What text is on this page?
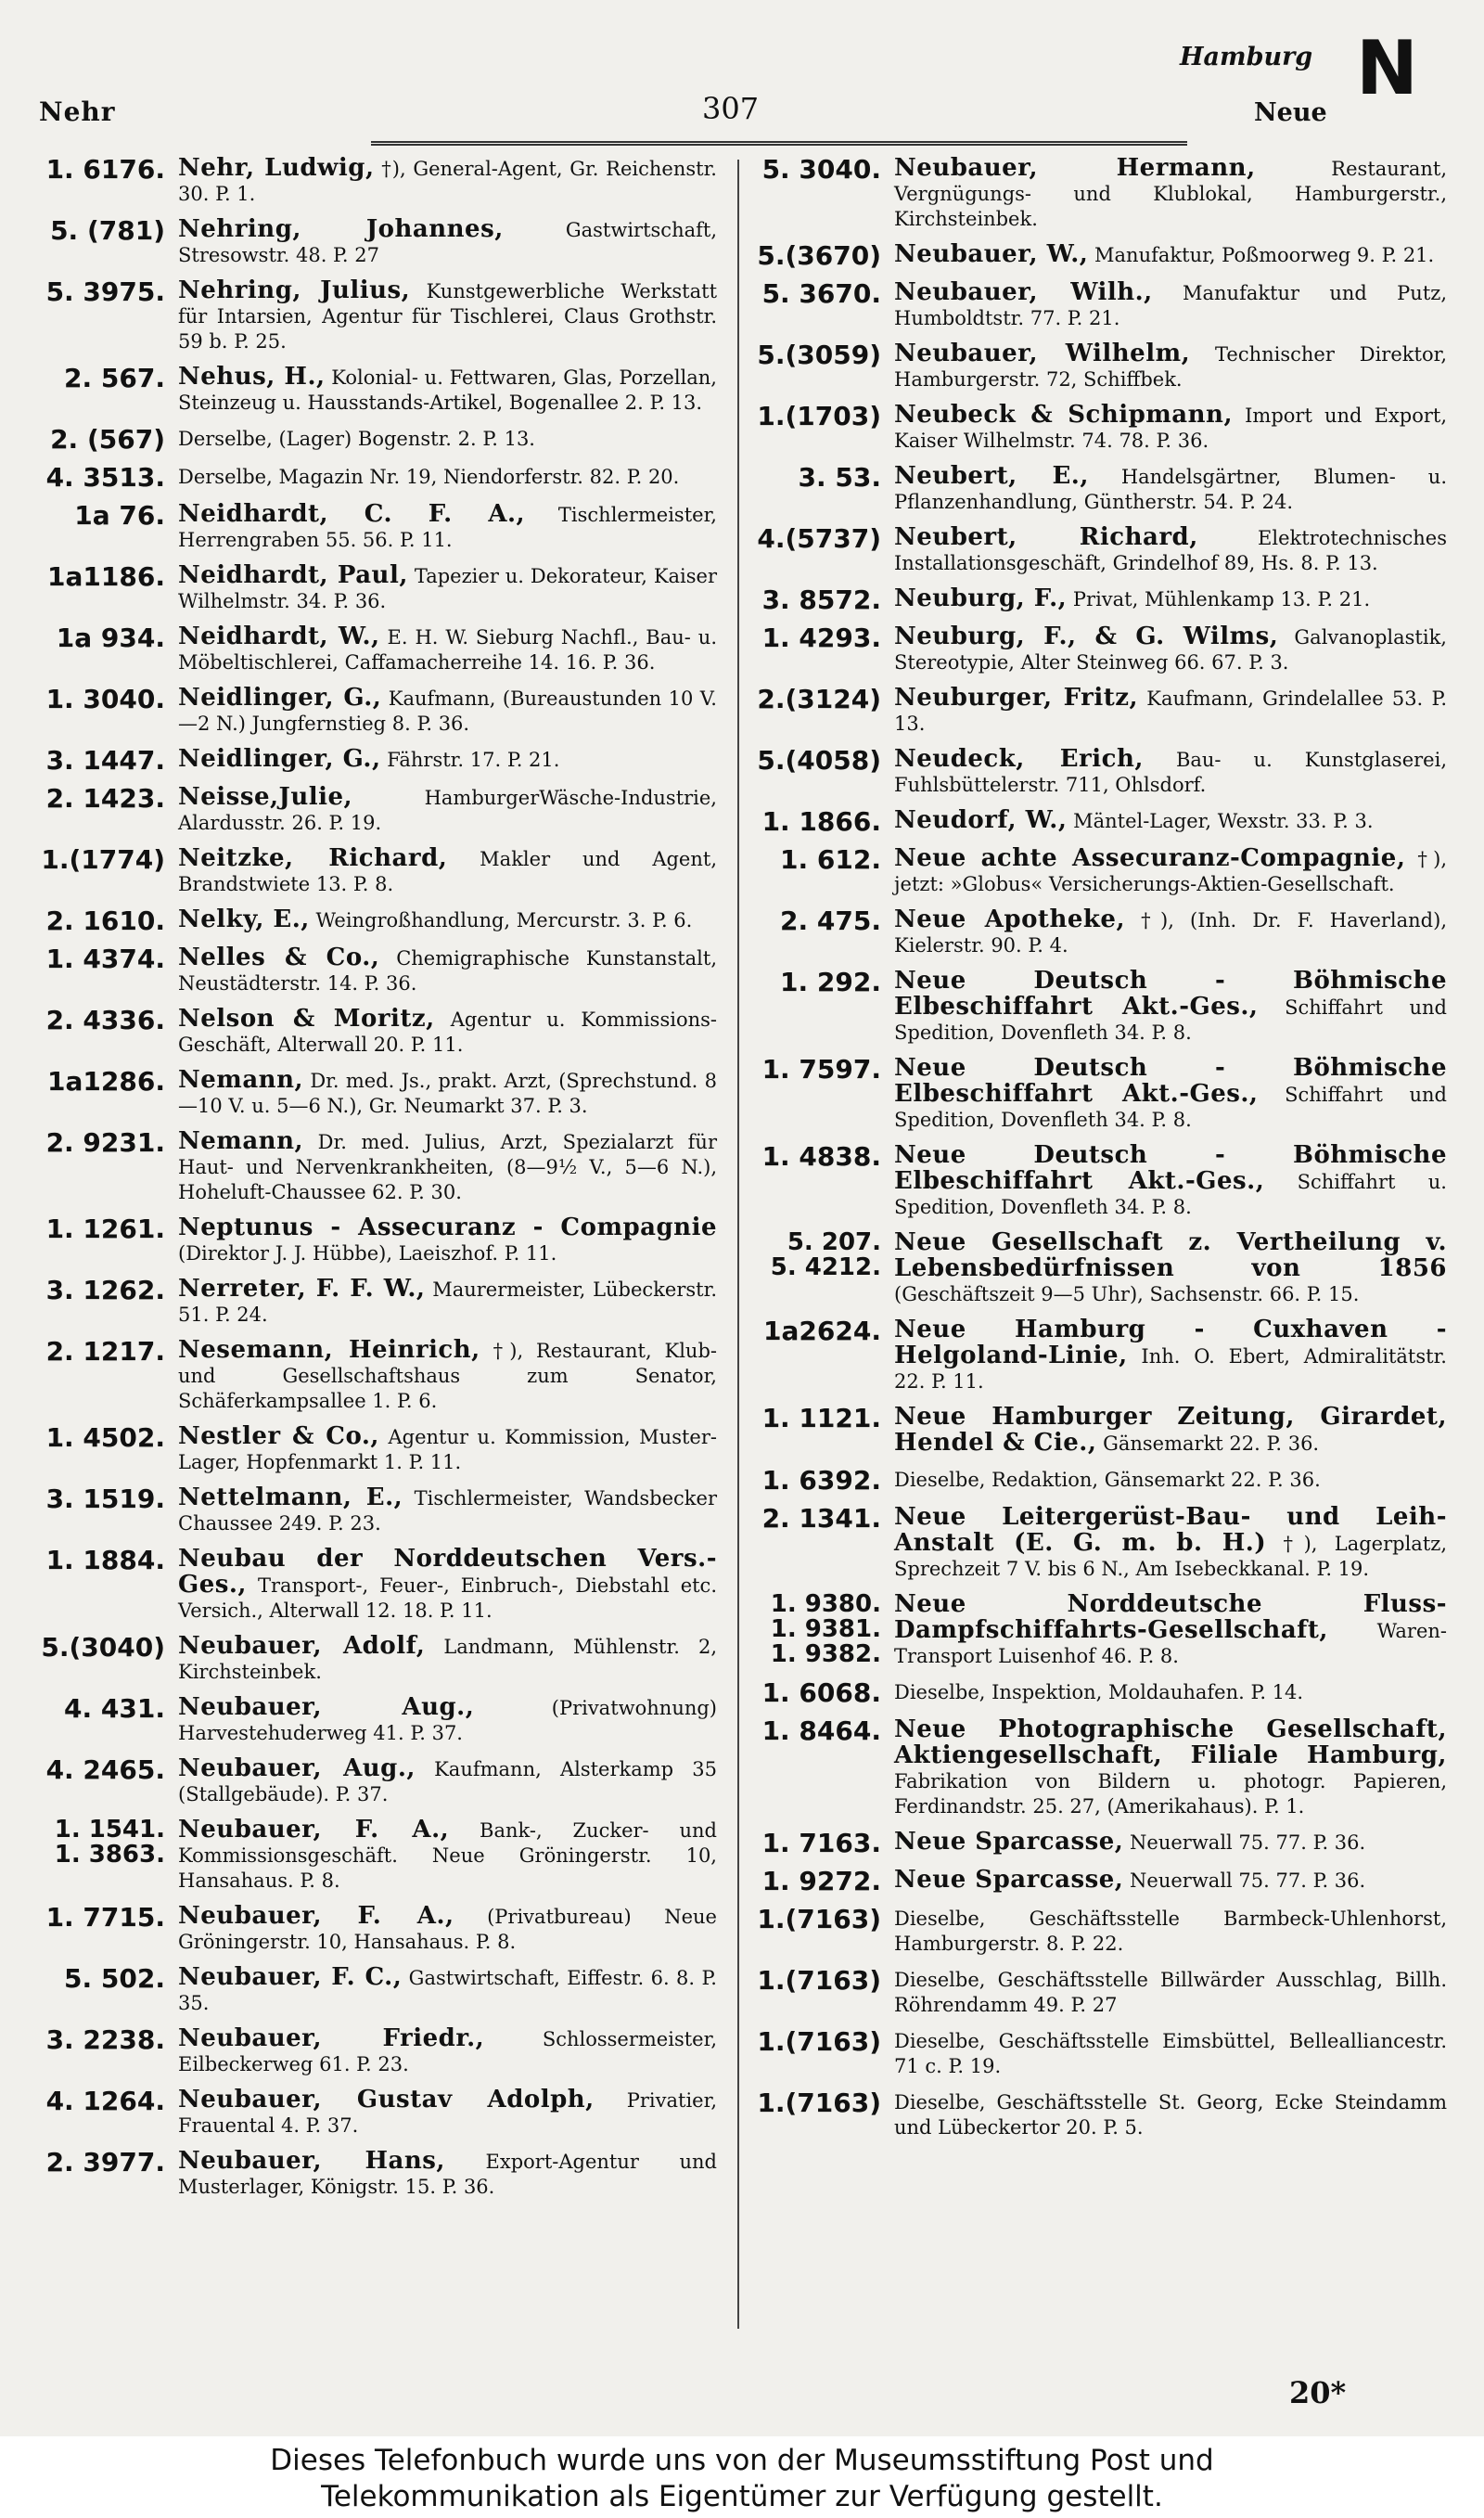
Nehr	307
Hamburg
Neue
N
1. 6176. Nehr, Ludwig, †), General-Agent, Gr. Reichenstr. 30. P. 1.
5. (781) Nehring, Johannes, Gastwirtschaft, Stresowstr. 48. P. 27
5. 3975. Nehring, Julius, Kunstgewerbliche Werkstatt für Intarsien, Agentur für Tischlerei, Claus Grothstr. 59 b. P. 25.
2. 567. Nehus, H., Kolonial- u. Fettwaren, Glas, Porzellan, Steinzeug u. Hausstands-Artikel, Bogenallee 2. P. 13.
2. (567) Derselbe, (Lager) Bogenstr. 2. P. 13.
4. 3513. Derselbe, Magazin Nr. 19, Niendorferstr. 82. P. 20.
1a 76. Neidhardt, C. F. A., Tischlermeister, Herrengraben 55. 56. P. 11.
1a1186. Neidhardt, Paul, Tapezier u. Dekorateur, Kaiser Wilhelmstr. 34. P. 36.
1a 934. Neidhardt, W., E. H. W. Sieburg Nachfl., Bau- u. Möbeltischlerei, Caffamacherreihe 14. 16. P. 36.
1. 3040. Neidlinger, G., Kaufmann, (Bureaustunden 10 V.—2 N.) Jungfernstieg 8. P. 36.
3. 1447. Neidlinger, G., Fährstr. 17. P. 21.
2. 1423. Neisse,Julie, HamburgerWäsche-Industrie, Alardusstr. 26. P. 19.
1.(1774) Neitzke, Richard, Makler und Agent, Brandstwiete 13. P. 8.
2. 1610. Nelky, E., Weingroßhandlung, Mercurstr. 3. P. 6.
1. 4374. Nelles & Co., Chemigraphische Kunstanstalt, Neustädterstr. 14. P. 36.
2. 4336. Nelson & Moritz, Agentur u. Kommissions-Geschäft, Alterwall 20. P. 11.
1a1286. Nemann, Dr. med. Js., prakt. Arzt, (Sprechstund. 8—10 V. u. 5—6 N.), Gr. Neumarkt 37. P. 3.
2. 9231. Nemann, Dr. med. Julius, Arzt, Spezialarzt für Haut- und Nervenkrankheiten, (8—9½ V., 5—6 N.), Hoheluft-Chaussee 62. P. 30.
1. 1261. Neptunus - Assecuranz - Compagnie (Direktor J. J. Hübbe), Laeiszhof. P. 11.
3. 1262. Nerreter, F. F. W., Maurermeister, Lübeckerstr. 51. P. 24.
2. 1217. Nesemann, Heinrich, †), Restaurant, Klub- und Gesellschaftshaus zum Senator, Schäferkampsallee 1. P. 6.
1. 4502. Nestler & Co., Agentur u. Kommission, Muster-Lager, Hopfenmarkt 1. P. 11.
3. 1519. Nettelmann, E., Tischlermeister, Wandsbecker Chaussee 249. P. 23.
1. 1884. Neubau der Norddeutschen Vers.-Ges., Transport-, Feuer-, Einbruch-, Diebstahl etc. Versich., Alterwall 12. 18. P. 11.
5.(3040) Neubauer, Adolf, Landmann, Mühlenstr. 2, Kirchsteinbek.
4. 431. Neubauer, Aug., (Privatwohnung) Harvestehuderweg 41. P. 37.
4. 2465. Neubauer, Aug., Kaufmann, Alsterkamp 35 (Stallgebäude). P. 37.
1. 1541.
1. 3863.
Neubauer, F. A., Bank-, Zucker- und Kommissionsgeschäft. Neue Gröningerstr. 10, Hansahaus. P. 8.
1. 7715. Neubauer, F. A., (Privatbureau) Neue Gröningerstr. 10, Hansahaus. P. 8.
5. 502. Neubauer, F. C., Gastwirtschaft, Eiffestr. 6. 8. P. 35.
3. 2238. Neubauer, Friedr., Schlossermeister, Eilbeckerweg 61. P. 23.
4. 1264. Neubauer, Gustav Adolph, Privatier, Frauental 4. P. 37.
2. 3977. Neubauer, Hans, Export-Agentur und Musterlager, Königstr. 15. P. 36.
5. 3040. Neubauer, Hermann, Restaurant, Vergnügungs- und Klublokal, Hamburgerstr., Kirchsteinbek.
5.(3670) Neubauer, W., Manufaktur, Poßmoorweg 9. P. 21.
5. 3670. Neubauer, Wilh., Manufaktur und Putz, Humboldtstr. 77. P. 21.
5.(3059) Neubauer, Wilhelm, Technischer Direktor, Hamburgerstr. 72, Schiffbek.
1.(1703) Neubeck & Schipmann, Import und Export, Kaiser Wilhelmstr. 74. 78. P. 36.
3. 53. Neubert, E., Handelsgärtner, Blumen- u. Pflanzenhandlung, Güntherstr. 54. P. 24.
4.(5737) Neubert, Richard, Elektrotechnisches Installationsgeschäft, Grindelhof 89, Hs. 8. P. 13.
3. 8572. Neuburg, F., Privat, Mühlenkamp 13. P. 21.
1. 4293. Neuburg, F., & G. Wilms, Galvanoplastik, Stereotypie, Alter Steinweg 66. 67. P. 3.
2.(3124) Neuburger, Fritz, Kaufmann, Grindelallee 53. P. 13.
5.(4058) Neudeck, Erich, Bau- u. Kunstglaserei, Fuhlsbüttelerstr. 711, Ohlsdorf.
1. 1866. Neudorf, W., Mäntel-Lager, Wexstr. 33. P. 3.
1. 612. Neue achte Assecuranz-Compagnie, †), jetzt: »Globus« Versicherungs-Aktien-Gesellschaft.
2. 475. Neue Apotheke, †), (Inh. Dr. F. Haverland), Kielerstr. 90. P. 4.
1. 292. Neue Deutsch - Böhmische Elbeschiffahrt Akt.-Ges., Schiffahrt und Spedition, Dovenfleth 34. P. 8.
1. 7597. Neue Deutsch - Böhmische Elbeschiffahrt Akt.-Ges., Schiffahrt und Spedition, Dovenfleth 34. P. 8.
1. 4838. Neue Deutsch - Böhmische Elbeschiffahrt Akt.-Ges., Schiffahrt u. Spedition, Dovenfleth 34. P. 8.
5. 207.
5. 4212.
Neue Gesellschaft z. Vertheilung v. Lebensbedürfnissen von 1856 (Geschäftszeit 9—5 Uhr), Sachsenstr. 66. P. 15.
1a2624. Neue Hamburg - Cuxhaven - Helgoland-Linie, Inh. O. Ebert, Admiralitätstr. 22. P. 11.
1. 1121. Neue Hamburger Zeitung, Girardet, Hendel & Cie., Gänsemarkt 22. P. 36.
1. 6392. Dieselbe, Redaktion, Gänsemarkt 22. P. 36.
2. 1341. Neue Leitergerüst-Bau- und Leih-Anstalt (E. G. m. b. H.) †), Lagerplatz, Sprechzeit 7 V. bis 6 N., Am Isebeckkanal. P. 19.
1. 9380.
1. 9381.
1. 9382.
Neue Norddeutsche Fluss-Dampfschiffahrts-Gesellschaft, Waren-Transport Luisenhof 46. P. 8.
1. 6068. Dieselbe, Inspektion, Moldauhafen. P. 14.
1. 8464. Neue Photographische Gesellschaft, Aktiengesellschaft, Filiale Hamburg, Fabrikation von Bildern u. photogr. Papieren, Ferdinandstr. 25. 27, (Amerikahaus). P. 1.
1. 7163. Neue Sparcasse, Neuerwall 75. 77. P. 36.
1. 9272. Neue Sparcasse, Neuerwall 75. 77. P. 36.
1.(7163) Dieselbe, Geschäftsstelle Barmbeck-Uhlenhorst, Hamburgerstr. 8. P. 22.
1.(7163) Dieselbe, Geschäftsstelle Billwärder Ausschlag, Billh. Röhrendamm 49. P. 27
1.(7163) Dieselbe, Geschäftsstelle Eimsbüttel, Bellealliancestr. 71 c. P. 19.
1.(7163) Dieselbe, Geschäftsstelle St. Georg, Ecke Steindamm und Lübeckertor 20. P. 5.
20*
Dieses Telefonbuch wurde uns von der Museumsstiftung Post und
Telekommunikation als Eigentümer zur Verfügung gestellt.
